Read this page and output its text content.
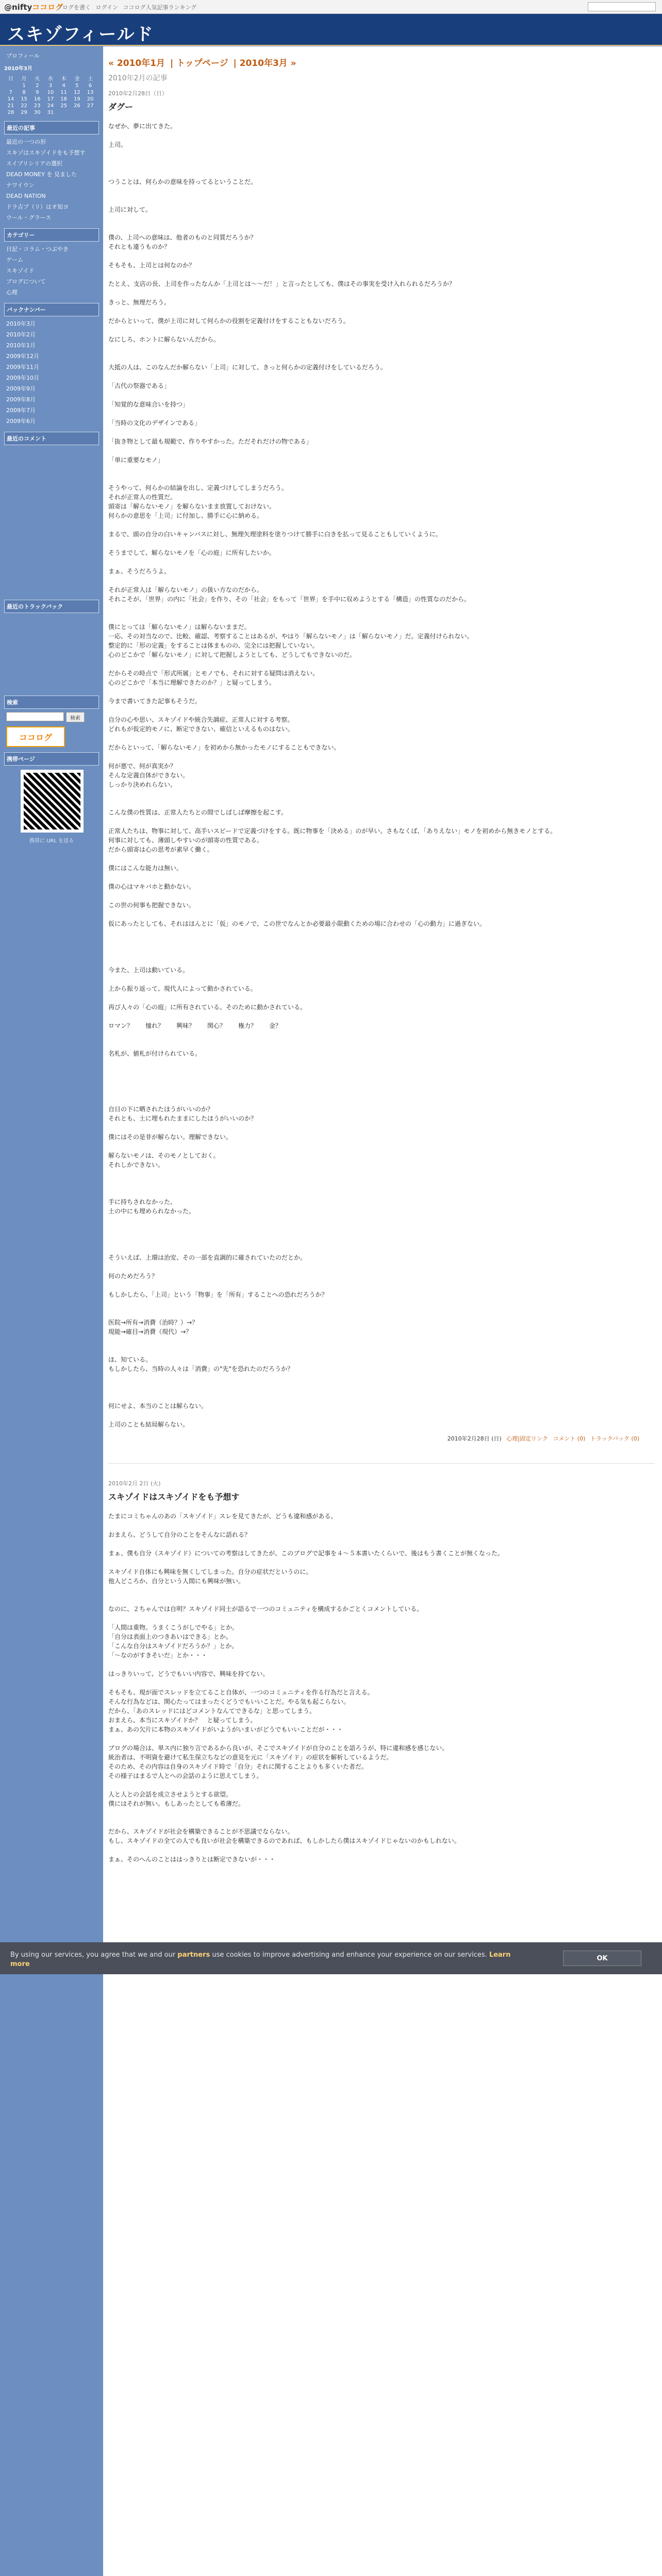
@niftyココログ
ブログを書く ログイン ココログ人気記事ランキング
スキゾフィールド
プロフィール
2010年3月
日	月	火	水	木	金	土
	1	2	3	4	5	6
7	8	9	10	11	12	13
14	15	16	17	18	19	20
21	22	23	24	25	26	27
28	29	30	31			
最近の記事
最近の一つの形
スキゾはスキゾイドをも予想す
スイプリシリアの選択
DEAD MONEY を 見ました
ナワイウン
DEAD NATION
ドラ吉ブ（リ）はオ知ヨ
ウール・グラース
カテゴリー
日記・コラム・つぶやき
ゲーム
スキゾイド
ブログについて
心理
バックナンバー
2010年3月
2010年2月
2010年1月
2009年12月
2009年11月
2009年10月
2009年9月
2009年8月
2009年7月
2009年6月
最近のコメント
最近のトラックバック
検索
検索
ココログ
携帯ページ
携帯に URL を送る
« 2010年1月 | トップページ | 2010年3月 »
2010年2月の記事
2010年2月28日（日）
ダグー
なぜか、夢に出てきた。
上司。
つうことは、何らかの意味を持ってるということだ。
上司に対して。
僕の、上司への意味は、他者のものと同質だろうか？
それとも違うものか？
そもそも、上司とは何なのか？
たとえ、支店の長、上司を作ったなんか「上司とは～～だ！」と言ったとしても、僕はその事実を受け入れられるだろうか？
きっと、無理だろう。
だからといって、僕が上司に対して何らかの役割を定義付けをすることもないだろう。
なにしろ、ホントに解らないんだから。
大抵の人は、このなんだか解らない「上司」に対して、きっと何らかの定義付けをしているだろう。
「古代の祭器である」
「知覚的な意味合いを持つ」
「当時の文化のデザインである」
「抜き物として最も規範で、作りやすかった。ただそれだけの物である」
「単に重要なモノ」
そうやって、何らかの結論を出し、定義づけしてしまうだろう。
それが正常人の性質だ。
頭寄は「解らないモノ」を解らないまま放置しておけない。
何らかの意思を「上司」に付加し、勝手に心に納める。
まるで、頭の自分の白いキャンバスに対し、無理矢理塗料を塗りつけて勝手に白きを払って見ることもしていくように。
そうまでして、解らないモノを「心の庭」に所有したいか。
まぁ、そうだろうよ。
それが正常人は「解らないモノ」の扱い方なのだから。
それこそが、「世界」の内に「社会」を作り、その「社会」をもって「世界」を手中に収めようとする「構造」の性質なのだから。
僕にとっては「解らないモノ」は解らないままだ。
一応、その対当なので、比較、確認、考察することはあるが、やはり「解らないモノ」は「解らないモノ」だ。定義付けられない。
整定的に「形の定義」をすることは体まものの、完全には把握していない。
心のどこかで「解らないモノ」に対して把握しようとしても、どうしてもできないのだ。
だからその時点で「形式所属」とモノでも、それに対する疑問は消えない。
心のどこかで「本当に理解できたのか？」と疑ってしまう。
今まで書いてきた記事もそうだ。
自分の心や思い、スキゾイドや統合失調症、正常人に対する考察。
どれもが仮定的モノに、断定できない、確信といえるものはない。
だからといって、「解らないモノ」を初めから無かったモノにすることもできない。
何が悪で、何が真実か？
そんな定義自体ができない。
しっかり決めれらない。
こんな僕の性質は、正常人たちとの間でしばしば摩擦を起こす。
正常人たちは、物事に対して、高手いスピードで定義づけをする。既に物事を「決める」のが早い。さもなくば、「ありえない」モノを初めから無きモノとする。
何事に対しても、薄頭しやすいのが頭寄の性質である。
だから頭寄は心の思考が素早く働く。
僕にはこんな能力は無い。
僕の心はマキバホと動かない。
この世の何事も把握できない。
仮にあったとしても、それはほんとに「仮」のモノで、この世でなんとか必要最小限動くための場に合わせの「心の動力」に過ぎない。
今また、上司は動いている。
上から振り返って、現代人によって動かされている。
再び人々の「心の庭」に所有されている。そのために動かされている。
ロマン？　　憧れ？　　興味？　　関心？　　権力？　　金？
名札が、値札が付けられている。
自日の下に晒されたほうがいいのか？
それとも、土に埋もれたままにしたほうがいいのか？
僕にはその是非が解らない。理解できない。
解らないモノは、そのモノとしておく。
それしかできない。
手に持ちされなかった、
土の中にも埋められなかった。
そういえば、上環は治安、その一部を直調的に確されていたのだとか。
何のためだろう？
もしかしたら、「上司」という「物事」を「所有」することへの恐れだろうか？
医院→所有→消費（治時？）→？
現能→確目→消費（現代）→？
ほ、知ている。
もしかしたら、当時の人々は「消費」の"先"を恐れたのだろうか？
何にせよ、本当のことは解らない。
上司のことも結局解らない。
2010年2月28日 (日) 心理|固定リンク コメント (0) トラックバック (0)
2010年2月 2日 (火)
スキゾイドはスキゾイドをも予想す
たまにコミちゃんのあの「スキゾイド」スレを見てきたが、どうも違和感がある。
おまえら、どうして自分のことをそんなに語れる？
まぁ、僕も自分（スキゾイド）についての考察はしてきたが、このブログで記事を４～５本書いたくらいで、後はもう書くことが無くなった。
スキゾイド自体にも興味を無くしてしまった。自分の症状だというのに。
他人どころか、自分という人間にも興味が無い。
なのに、２ちゃんでは自明？スキゾイド同士が語るで一つのコミュニティを構成するかごとくコメントしている。
「人間は重物。うまくこうがしでやる」とか。
「自分は表面上のつきあいはできる」とか。
「こんな自分はスキゾイドだろうか？」とか。
「～なのがすきそいだ」とか・・・
はっきりいって、どうでもいい内容で、興味を持てない。
そもそも、現が面でスレッドを立てること自体が、一つのコミュニティを作る行為だと言える。
そんな行為などは、関心たってはまったくどうでもいいことだ。やる気も起こらない。
だから、「あのスレッドにはどコメントなんてできるな」と思ってしまう。
おまえら、本当にスキゾイドか？　と疑ってしまう。
まぁ、あの欠片に本物のスキゾイドがいようがいまいがどうでもいいことだが・・・
ブログの場合は、単ス内に独り言であるから良いが、そこでスキゾイドが自分のことを語ろうが、特に違和感を感じない。
統治者は、不明資を避けて私生保立ちなどの意見を元に「スキゾイド」の症状を解析しているようだ。
そのため、その内容は自身のスキゾイド時で「自分」それに関することよりも多くいた者だ。
その様子はまるで人とへの会話のように思えてしまう。
人と人との会話を成立させようとする欲望。
僕にはそれが無い。もしあったとしても希薄だ。
だから、スキゾイドが社会を構築できることが不思議でならない。
もし、スキゾイドの全ての人でも良いが社会を構築できるのであれば、もしかしたら僕はスキゾイドじゃないのかもしれない。
まぁ、そのへんのことははっきりとは断定できないが・・・
By using our services, you agree that we and our partners use cookies to improve advertising and enhance your experience on our services. Learn more
OK
